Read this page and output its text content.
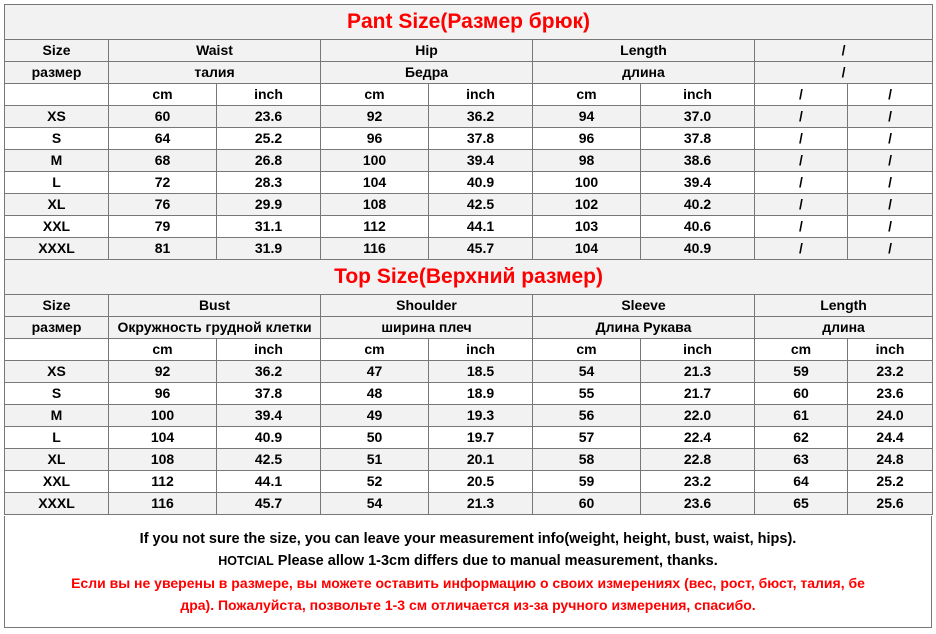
Pant Size(Размер брюк)								
Size	Waist		Hip		Length		/	
размер	талия		Бедра		длина		/	
	cm	inch	cm	inch	cm	inch	/	/
XS	60	23.6	92	36.2	94	37.0	/	/
S	64	25.2	96	37.8	96	37.8	/	/
M	68	26.8	100	39.4	98	38.6	/	/
L	72	28.3	104	40.9	100	39.4	/	/
XL	76	29.9	108	42.5	102	40.2	/	/
XXL	79	31.1	112	44.1	103	40.6	/	/
XXXL	81	31.9	116	45.7	104	40.9	/	/
Top Size(Верхний размер)								
Size	Bust		Shoulder		Sleeve		Length	
размер	Окружность грудной клетки		ширина плеч		Длина Рукава		длина	
	cm	inch	cm	inch	cm	inch	cm	inch
XS	92	36.2	47	18.5	54	21.3	59	23.2
S	96	37.8	48	18.9	55	21.7	60	23.6
M	100	39.4	49	19.3	56	22.0	61	24.0
L	104	40.9	50	19.7	57	22.4	62	24.4
XL	108	42.5	51	20.1	58	22.8	63	24.8
XXL	112	44.1	52	20.5	59	23.2	64	25.2
XXXL	116	45.7	54	21.3	60	23.6	65	25.6

If you not sure the size, you can leave your measurement info(weight, height, bust, waist, hips).

HOTCIAL Please allow 1-3cm differs due to manual measurement, thanks.

Если вы не уверены в размере, вы можете оставить информацию о своих измерениях (вес, рост, бюст, талия, бе

дра). Пожалуйста, позвольте 1-3 см отличается из-за ручного измерения, спасибо.
